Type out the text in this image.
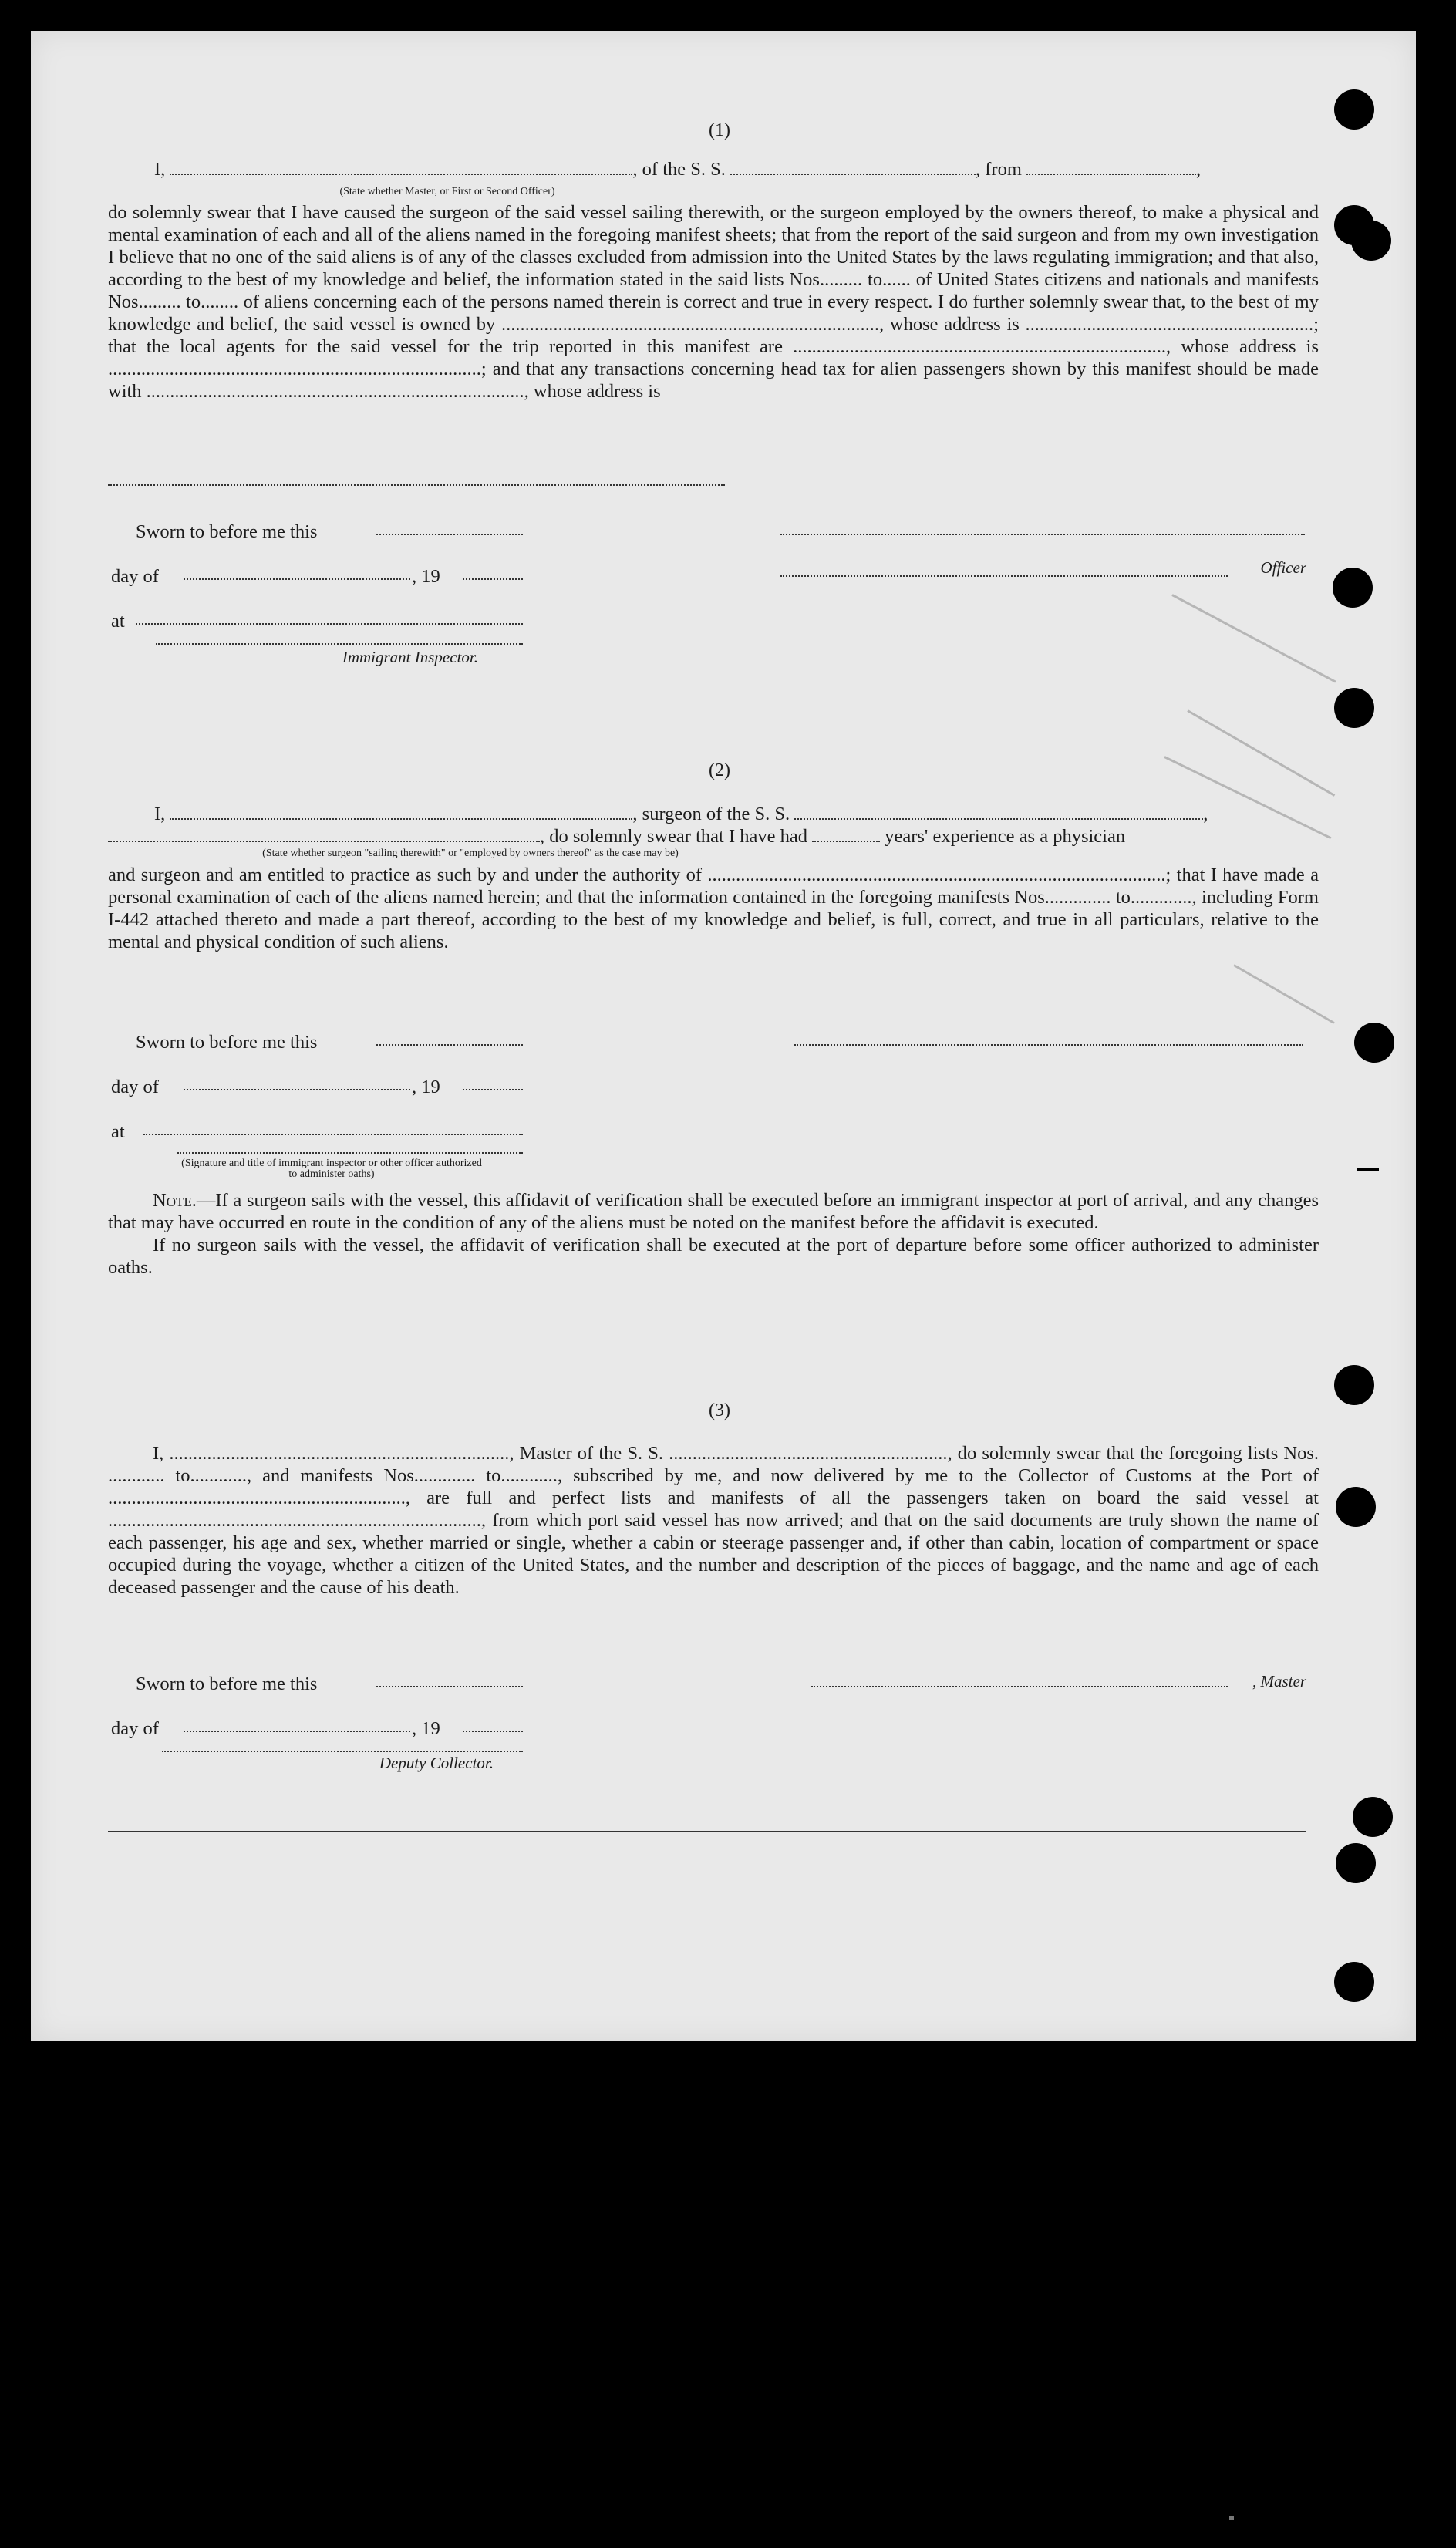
(1)
I,	, of the S. S.	, from	,
(State whether Master, or First or Second Officer)

do solemnly swear that I have caused the surgeon of the said vessel sailing therewith, or the surgeon employed by the owners thereof, to make a physical and mental examination of each and all of the aliens named in the foregoing manifest sheets; that from the report of the said surgeon and from my own investigation I believe that no one of the said aliens is of any of the classes excluded from admission into the United States by the laws regulating immigration; and that also, according to the best of my knowledge and belief, the information stated in the said lists Nos......... to...... of United States citizens and nationals and manifests Nos......... to........ of aliens concerning each of the persons named therein is correct and true in every respect. I do further solemnly swear that, to the best of my knowledge and belief, the said vessel is owned by ................................................................................, whose address is .............................................................; that the local agents for the said vessel for the trip reported in this manifest are ..............................................................................., whose address is ...............................................................................; and that any transactions concerning head tax for alien passengers shown by this manifest should be made with ................................................................................, whose address is

Sworn to before me this
day of	, 19	Officer
at
Immigrant Inspector.
(2)
I,	, surgeon of the S. S.	,
, do solemnly swear that I have had	years' experience as a physician
(State whether surgeon "sailing therewith" or "employed by owners thereof" as the case may be)

and surgeon and am entitled to practice as such by and under the authority of .................................................................................................; that I have made a personal examination of each of the aliens named herein; and that the information contained in the foregoing manifests Nos.............. to............., including Form I-442 attached thereto and made a part thereof, according to the best of my knowledge and belief, is full, correct, and true in all particulars, relative to the mental and physical condition of such aliens.

Sworn to before me this
day of	, 19
at
(Signature and title of immigrant inspector or other officer authorized to administer oaths)

Note.—If a surgeon sails with the vessel, this affidavit of verification shall be executed before an immigrant inspector at port of arrival, and any changes that may have occurred en route in the condition of any of the aliens must be noted on the manifest before the affidavit is executed.

If no surgeon sails with the vessel, the affidavit of verification shall be executed at the port of departure before some officer authorized to administer oaths.

(3)

I, ........................................................................, Master of the S. S. ..........................................................., do solemnly swear that the foregoing lists Nos. ............ to............, and manifests Nos............. to............, subscribed by me, and now delivered by me to the Collector of Customs at the Port of ..............................................................., are full and perfect lists and manifests of all the passengers taken on board the said vessel at ..............................................................................., from which port said vessel has now arrived; and that on the said documents are truly shown the name of each passenger, his age and sex, whether married or single, whether a cabin or steerage passenger and, if other than cabin, location of compartment or space occupied during the voyage, whether a citizen of the United States, and the number and description of the pieces of baggage, and the name and age of each deceased passenger and the cause of his death.

Sworn to before me this	, Master
day of	, 19
Deputy Collector.
